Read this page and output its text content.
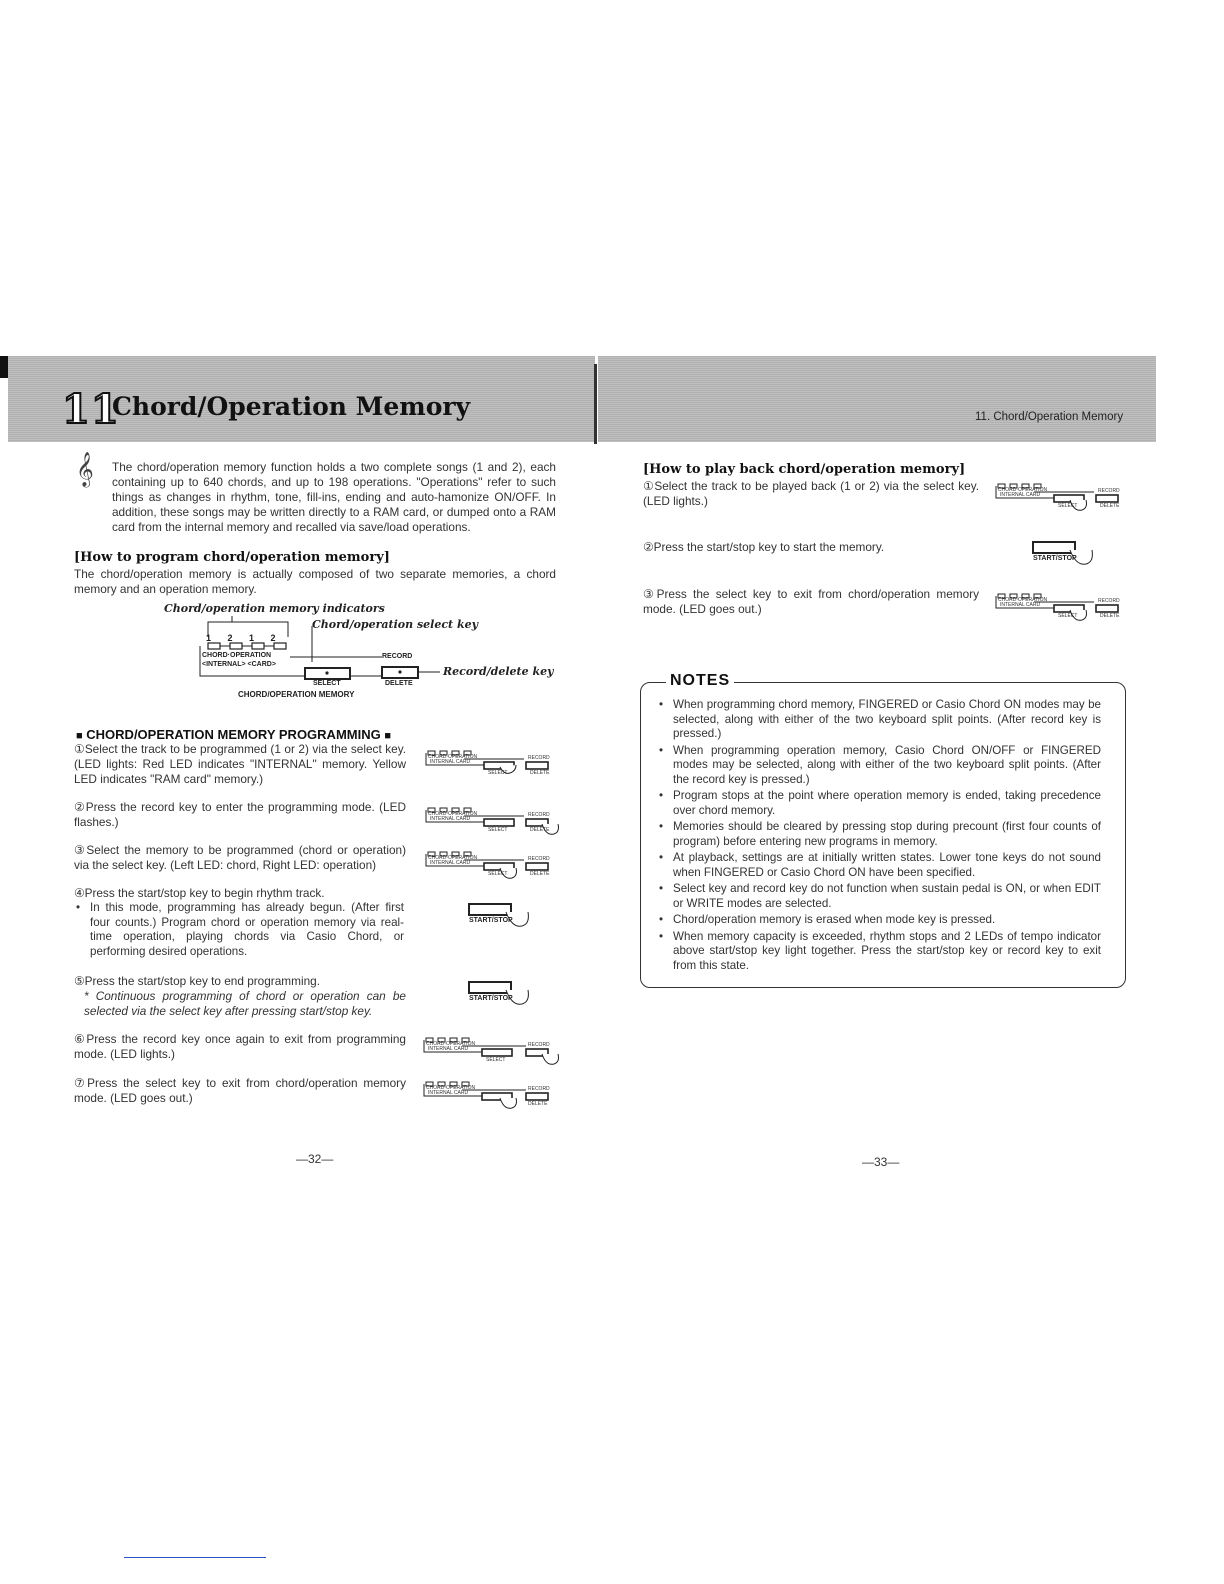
11
Chord/Operation Memory	11. Chord/Operation Memory
𝄞 The chord/operation memory function holds a two complete songs (1 and 2), each containing up to 640 chords, and up to 198 operations. "Operations" refer to such things as changes in rhythm, tone, fill-ins, ending and auto-hamonize ON/OFF. In addition, these songs may be written directly to a RAM card, or dumped onto a RAM card from the internal memory and recalled via save/load operations.
[How to program chord/operation memory]
The chord/operation memory is actually composed of two separate memories, a chord memory and an operation memory.
Chord/operation memory indicators
Chord/operation select key
1 2 1 2
CHORD·OPERATION
<INTERNAL> <CARD>
RECORD
SELECT	DELETE
CHORD/OPERATION MEMORY
Record/delete key
■ CHORD/OPERATION MEMORY PROGRAMMING ■
①Select the track to be programmed (1 or 2) via the select key. (LED lights: Red LED indicates "INTERNAL" memory. Yellow LED indicates "RAM card" memory.)
②Press the record key to enter the programming mode. (LED flashes.)
③Select the memory to be programmed (chord or operation) via the select key. (Left LED: chord, Right LED: operation)
④Press the start/stop key to begin rhythm track.
• In this mode, programming has already begun. (After first four counts.) Program chord or operation memory via real-time operation, playing chords via Casio Chord, or performing desired operations.
⑤Press the start/stop key to end programming.
* Continuous programming of chord or operation can be selected via the select key after pressing start/stop key.
⑥Press the record key once again to exit from programming mode. (LED lights.)
⑦Press the select key to exit from chord/operation memory mode. (LED goes out.)
CHORD·OPERATION
INTERNAL CARD
RECORD
SELECT	DELETE
CHORD·OPERATION
INTERNAL CARD
RECORD
SELECT	DELETE
CHORD·OPERATION
INTERNAL CARD
RECORD
SELECT	DELETE
START/STOP
START/STOP
CHORD·OPERATION
INTERNAL CARD
RECORD
SELECT
CHORD·OPERATION
INTERNAL CARD
RECORD
DELETE
—32—
[How to play back chord/operation memory]
①Select the track to be played back (1 or 2) via the select key. (LED lights.)
②Press the start/stop key to start the memory.
③Press the select key to exit from chord/operation memory mode. (LED goes out.)
CHORD·OPERATION
INTERNAL CARD
RECORD
SELECT	DELETE
START/STOP
CHORD·OPERATION
INTERNAL CARD
RECORD
SELECT	DELETE
NOTES
• When programming chord memory, FINGERED or Casio Chord ON modes may be selected, along with either of the two keyboard split points. (After record key is pressed.)
• When programming operation memory, Casio Chord ON/OFF or FINGERED modes may be selected, along with either of the two keyboard split points. (After the record key is pressed.)
• Program stops at the point where operation memory is ended, taking precedence over chord memory.
• Memories should be cleared by pressing stop during precount (first four counts of program) before entering new programs in memory.
• At playback, settings are at initially written states. Lower tone keys do not sound when FINGERED or Casio Chord ON have been specified.
• Select key and record key do not function when sustain pedal is ON, or when EDIT or WRITE modes are selected.
• Chord/operation memory is erased when mode key is pressed.
• When memory capacity is exceeded, rhythm stops and 2 LEDs of tempo indicator above start/stop key light together. Press the start/stop key or record key to exit from this state.
—33—
